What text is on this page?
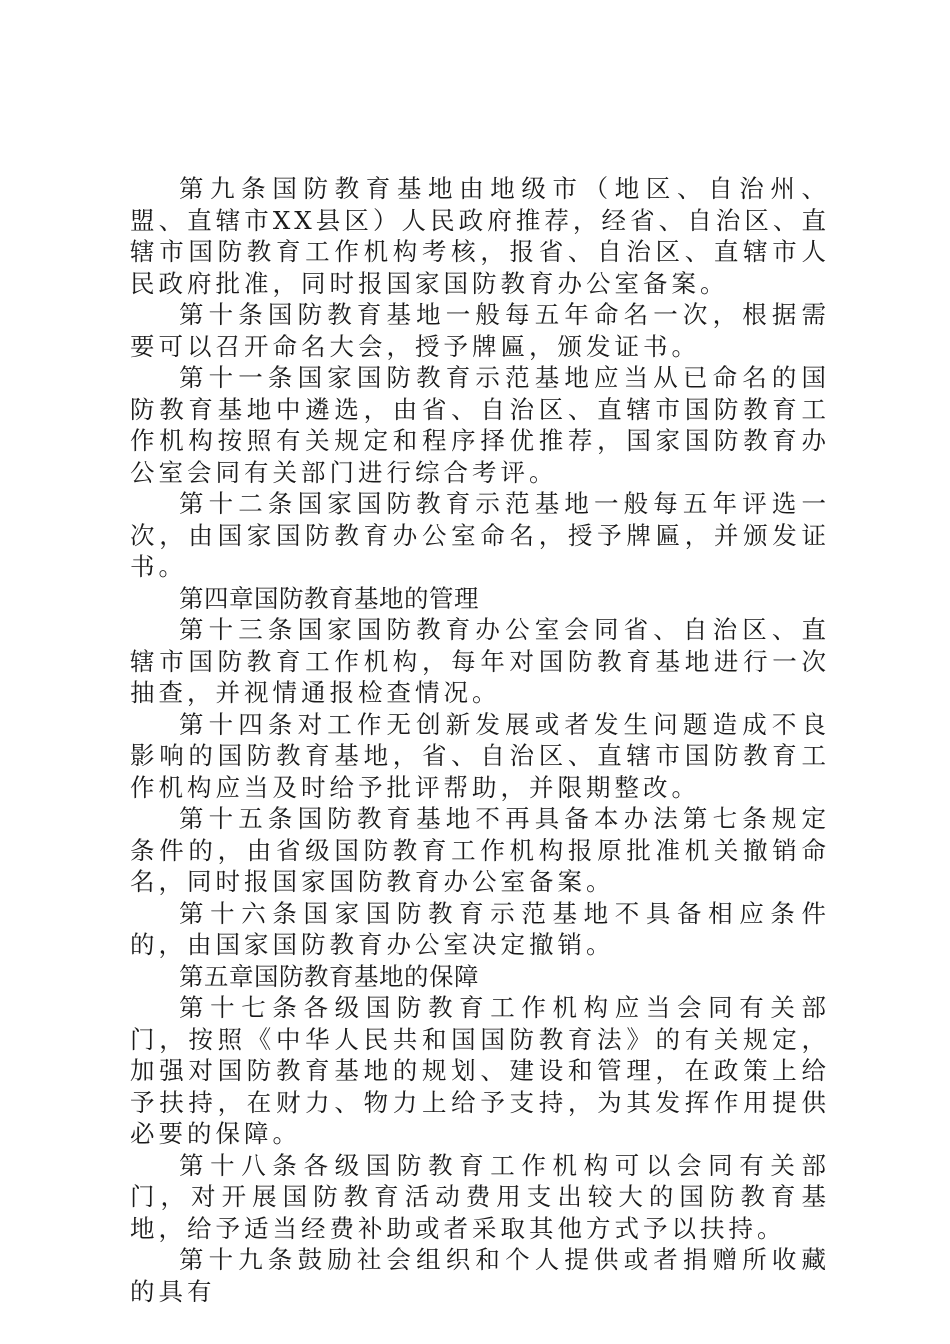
第九条国防教育基地由地级市（地区、自治州、盟、直辖市XX县区）人民政府推荐，经省、自治区、直辖市国防教育工作机构考核，报省、自治区、直辖市人民政府批准，同时报国家国防教育办公室备案。

第十条国防教育基地一般每五年命名一次，根据需要可以召开命名大会，授予牌匾，颁发证书。

第十一条国家国防教育示范基地应当从已命名的国防教育基地中遴选，由省、自治区、直辖市国防教育工作机构按照有关规定和程序择优推荐，国家国防教育办公室会同有关部门进行综合考评。

第十二条国家国防教育示范基地一般每五年评选一次，由国家国防教育办公室命名，授予牌匾，并颁发证书。

第四章国防教育基地的管理

第十三条国家国防教育办公室会同省、自治区、直辖市国防教育工作机构，每年对国防教育基地进行一次抽查，并视情通报检查情况。

第十四条对工作无创新发展或者发生问题造成不良影响的国防教育基地，省、自治区、直辖市国防教育工作机构应当及时给予批评帮助，并限期整改。

第十五条国防教育基地不再具备本办法第七条规定条件的，由省级国防教育工作机构报原批准机关撤销命名，同时报国家国防教育办公室备案。

第十六条国家国防教育示范基地不具备相应条件的，由国家国防教育办公室决定撤销。

第五章国防教育基地的保障

第十七条各级国防教育工作机构应当会同有关部门，按照《中华人民共和国国防教育法》的有关规定，加强对国防教育基地的规划、建设和管理，在政策上给予扶持，在财力、物力上给予支持，为其发挥作用提供必要的保障。

第十八条各级国防教育工作机构可以会同有关部门，对开展国防教育活动费用支出较大的国防教育基地，给予适当经费补助或者采取其他方式予以扶持。

第十九条鼓励社会组织和个人提供或者捐赠所收藏的具有
